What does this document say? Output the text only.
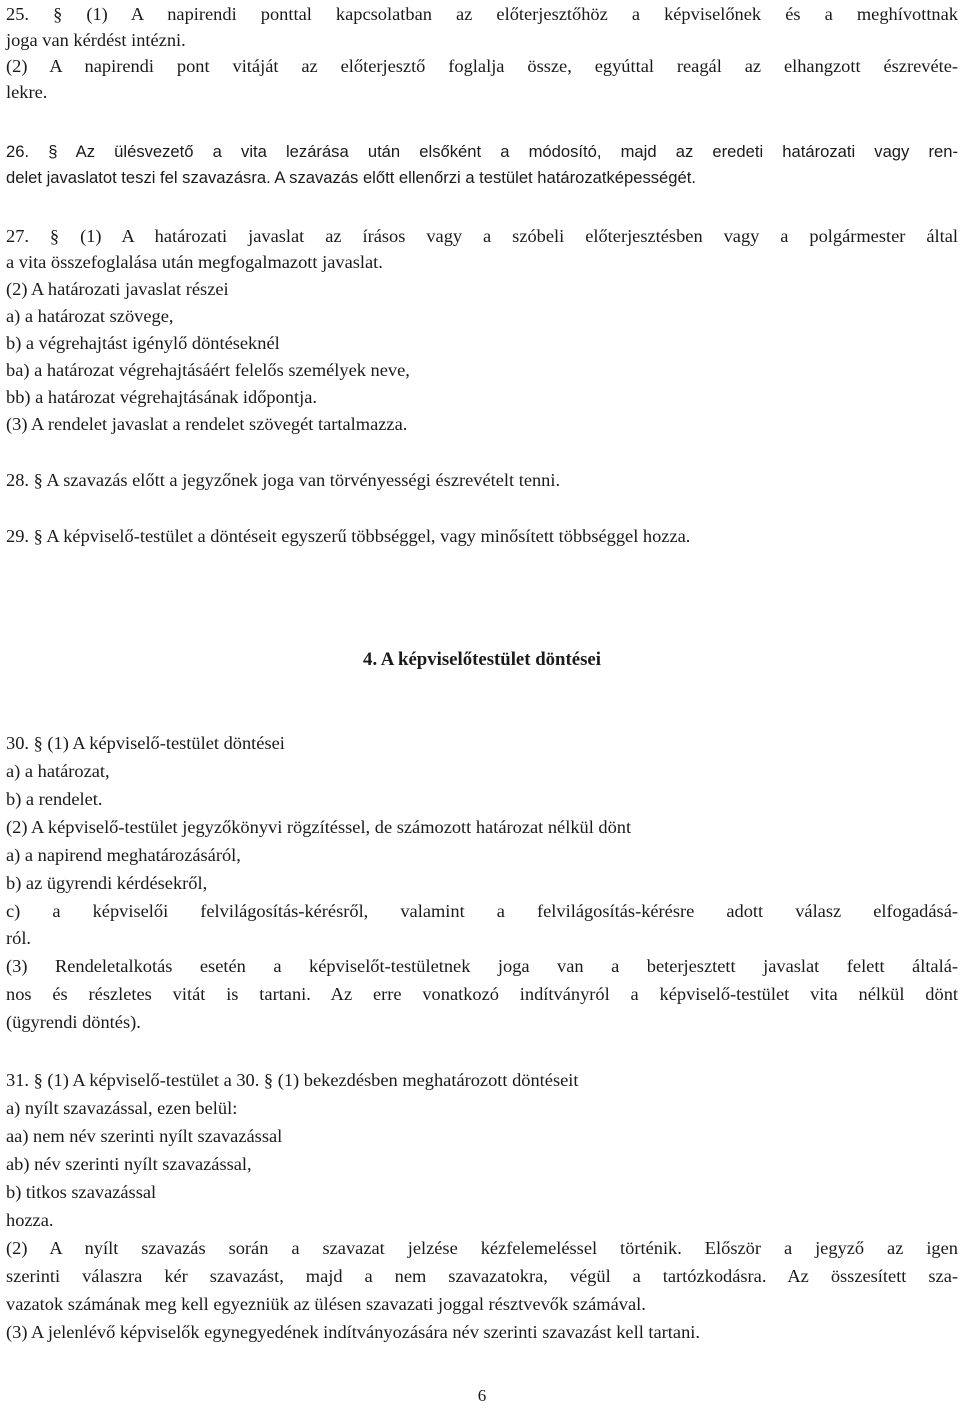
25. § (1) A napirendi ponttal kapcsolatban az előterjesztőhöz a képviselőnek és a meghívottnak
joga van kérdést intézni.
(2) A napirendi pont vitáját az előterjesztő foglalja össze, egyúttal reagál az elhangzott észrevéte-
lekre.
26. § Az ülésvezető a vita lezárása után elsőként a módosító, majd az eredeti határozati vagy ren-
delet javaslatot teszi fel szavazásra. A szavazás előtt ellenőrzi a testület határozatképességét.
27. § (1) A határozati javaslat az írásos vagy a szóbeli előterjesztésben vagy a polgármester által
a vita összefoglalása után megfogalmazott javaslat.
(2) A határozati javaslat részei
a) a határozat szövege,
b) a végrehajtást igénylő döntéseknél
ba) a határozat végrehajtásáért felelős személyek neve,
bb) a határozat végrehajtásának időpontja.
(3) A rendelet javaslat a rendelet szövegét tartalmazza.
28. § A szavazás előtt a jegyzőnek joga van törvényességi észrevételt tenni.
29. § A képviselő-testület a döntéseit egyszerű többséggel, vagy minősített többséggel hozza.
4. A képviselőtestület döntései
30. § (1) A képviselő-testület döntései
a) a határozat,
b) a rendelet.
(2) A képviselő-testület jegyzőkönyvi rögzítéssel, de számozott határozat nélkül dönt
a) a napirend meghatározásáról,
b) az ügyrendi kérdésekről,
c) a képviselői felvilágosítás-kérésről, valamint a felvilágosítás-kérésre adott válasz elfogadásá-
ról.
(3) Rendeletalkotás esetén a képviselőt-testületnek joga van a beterjesztett javaslat felett általá-
nos és részletes vitát is tartani. Az erre vonatkozó indítványról a képviselő-testület vita nélkül dönt
(ügyrendi döntés).
31. § (1) A képviselő-testület a 30. § (1) bekezdésben meghatározott döntéseit
a) nyílt szavazással, ezen belül:
aa) nem név szerinti nyílt szavazással
ab) név szerinti nyílt szavazással,
b) titkos szavazással
hozza.
(2) A nyílt szavazás során a szavazat jelzése kézfelemeléssel történik. Először a jegyző az igen
szerinti válaszra kér szavazást, majd a nem szavazatokra, végül a tartózkodásra. Az összesített sza-
vazatok számának meg kell egyezniük az ülésen szavazati joggal résztvevők számával.
(3) A jelenlévő képviselők egynegyedének indítványozására név szerinti szavazást kell tartani.
6
